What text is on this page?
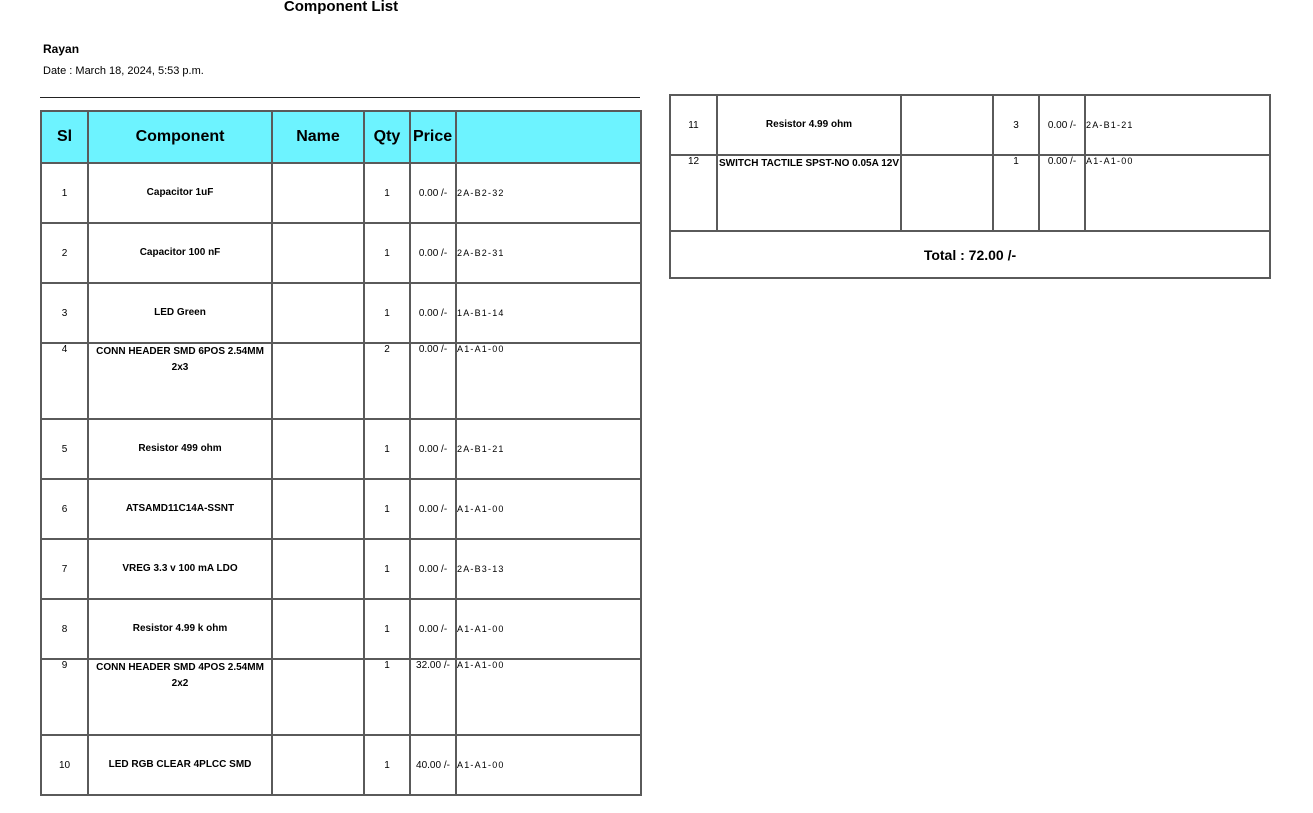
Component List
Rayan
Date : March 18, 2024, 5:53 p.m.
Sl	Component	Name	Qty	Price	
1	Capacitor 1uF		1	0.00 /-	2A-B2-32
2	Capacitor 100 nF		1	0.00 /-	2A-B2-31
3	LED Green		1	0.00 /-	1A-B1-14
4	CONN HEADER SMD 6POS 2.54MM 2x3		2	0.00 /-	A1-A1-00
5	Resistor 499 ohm		1	0.00 /-	2A-B1-21
6	ATSAMD11C14A-SSNT		1	0.00 /-	A1-A1-00
7	VREG 3.3 v 100 mA LDO		1	0.00 /-	2A-B3-13
8	Resistor 4.99 k ohm		1	0.00 /-	A1-A1-00
9	CONN HEADER SMD 4POS 2.54MM 2x2		1	32.00 /-	A1-A1-00
10	LED RGB CLEAR 4PLCC SMD		1	40.00 /-	A1-A1-00
11	Resistor 4.99 ohm		3	0.00 /-	2A-B1-21
12	SWITCH TACTILE SPST-NO 0.05A 12V		1	0.00 /-	A1-A1-00
Total : 72.00 /-					
